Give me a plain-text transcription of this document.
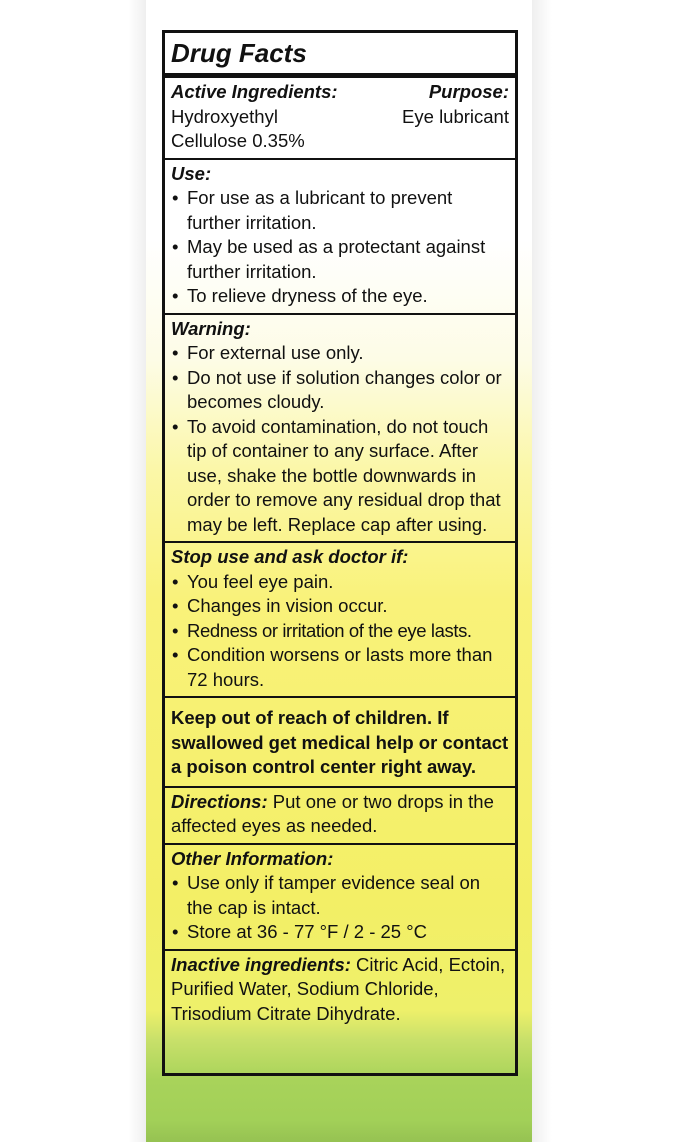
Drug Facts
Active Ingredients:	Purpose:
Hydroxyethyl
Cellulose 0.35%
Eye lubricant
Use:
• For use as a lubricant to prevent further irritation.
• May be used as a protectant against further irritation.
• To relieve dryness of the eye.
Warning:
• For external use only.
• Do not use if solution changes color or becomes cloudy.
• To avoid contamination, do not touch tip of container to any surface. After use, shake the bottle downwards in order to remove any residual drop that may be left. Replace cap after using.
Stop use and ask doctor if:
• You feel eye pain.
• Changes in vision occur.
• Redness or irritation of the eye lasts.
• Condition worsens or lasts more than 72 hours.
Keep out of reach of children. If swallowed get medical help or contact a poison control center right away.
Directions: Put one or two drops in the affected eyes as needed.
Other Information:
• Use only if tamper evidence seal on the cap is intact.
• Store at 36 - 77 °F / 2 - 25 °C
Inactive ingredients: Citric Acid, Ectoin, Purified Water, Sodium Chloride, Trisodium Citrate Dihydrate.
